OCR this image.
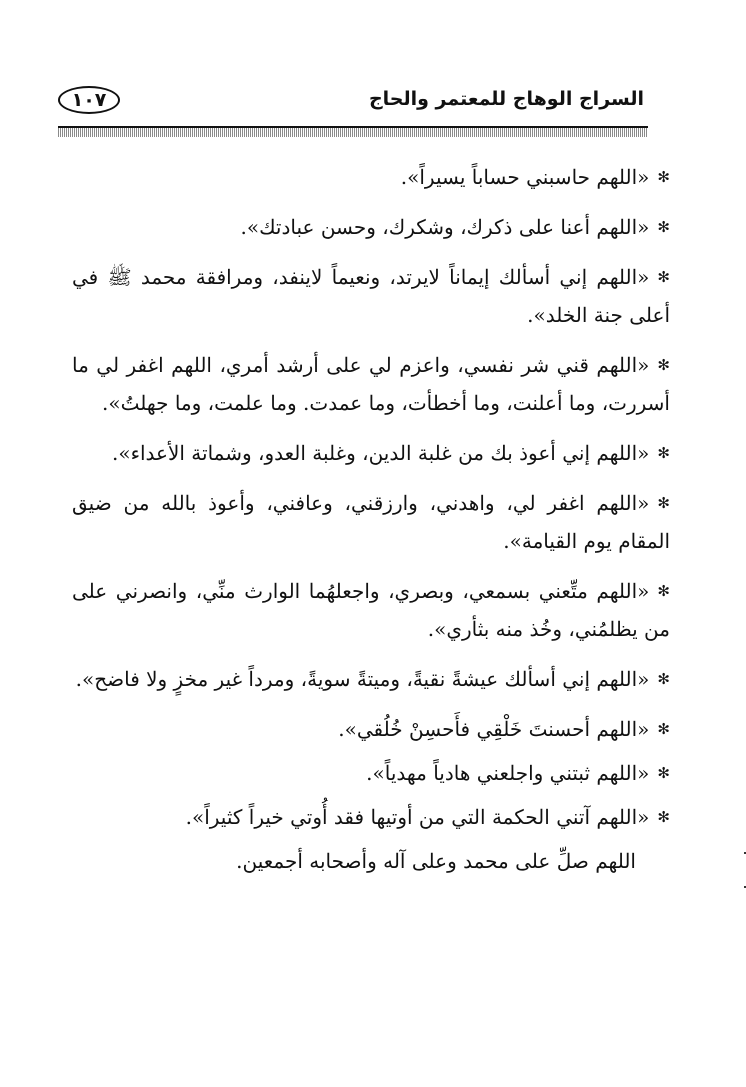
السراج الوهاج للمعتمر والحاج
١٠٧

✻«اللهم حاسبني حساباً يسيراً».

✻«اللهم أعنا على ذكرك، وشكرك، وحسن عبادتك».

✻«اللهم إني أسألك إيماناً لايرتد، ونعيماً لاينفد، ومرافقة محمد ﷺ في أعلى جنة الخلد».

✻«اللهم قني شر نفسي، واعزم لي على أرشد أمري، اللهم اغفر لي ما أسررت، وما أعلنت، وما أخطأت، وما عمدت. وما علمت، وما جهلتُ».

✻«اللهم إني أعوذ بك من غلبة الدين، وغلبة العدو، وشماتة الأعداء».

✻«اللهم اغفر لي، واهدني، وارزقني، وعافني، وأعوذ بالله من ضيق المقام يوم القيامة».

✻«اللهم متِّعني بسمعي، وبصري، واجعلهُما الوارث منِّي، وانصرني على من يظلمُني، وخُذ منه بثأري».

✻«اللهم إني أسألك عيشةً نقيةً، وميتةً سويةً، ومرداً غير مخزٍ ولا فاضح».

✻«اللهم أحسنتَ خَلْقِي فأَحسِنْ خُلُقي».

✻«اللهم ثبتني واجلعني هادياً مهدياً».

✻«اللهم آتني الحكمة التي من أوتيها فقد أُوتي خيراً كثيراً».

اللهم صلِّ على محمد وعلى آله وأصحابه أجمعين.
